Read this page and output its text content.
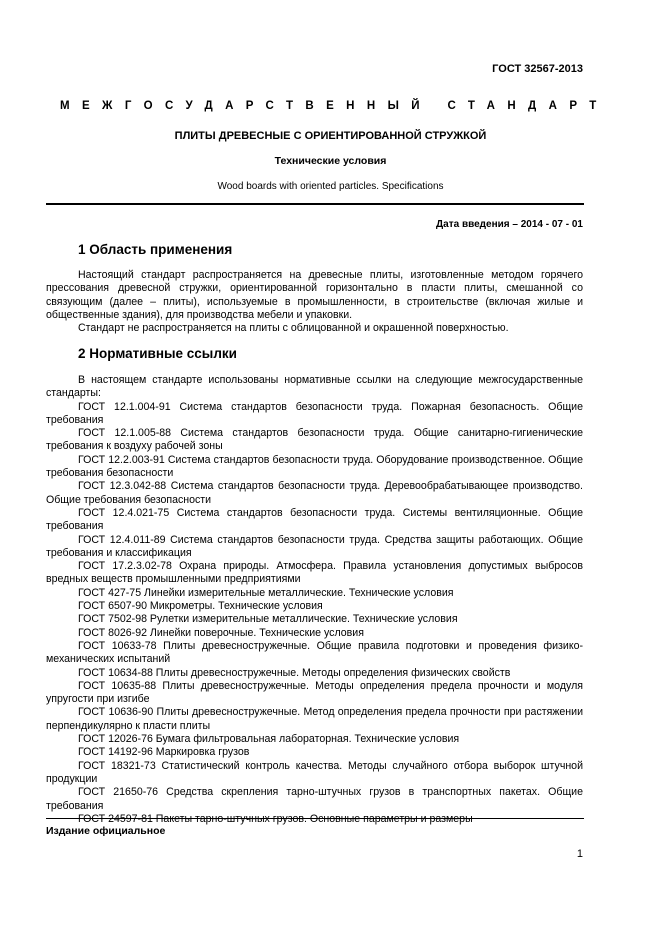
ГОСТ 32567-2013
МЕЖГОСУДАРСТВЕННЫЙ СТАНДАРТ
ПЛИТЫ ДРЕВЕСНЫЕ С ОРИЕНТИРОВАННОЙ СТРУЖКОЙ
Технические условия
Wood boards with oriented particles. Specifications
Дата введения – 2014 - 07 - 01
1 Область применения

Настоящий стандарт распространяется на древесные плиты, изготовленные методом горячего прессования древесной стружки, ориентированной горизонтально в пласти плиты, смешанной со связующим (далее – плиты), используемые в промышленности, в строительстве (включая жилые и общественные здания), для производства мебели и упаковки.

Стандарт не распространяется на плиты с облицованной и окрашенной поверхностью.

2 Нормативные ссылки

В настоящем стандарте использованы нормативные ссылки на следующие межгосударственные стандарты:

ГОСТ 12.1.004-91 Система стандартов безопасности труда. Пожарная безопасность. Общие требования

ГОСТ 12.1.005-88 Система стандартов безопасности труда. Общие санитарно-гигиенические требования к воздуху рабочей зоны

ГОСТ 12.2.003-91 Система стандартов безопасности труда. Оборудование производственное. Общие требования безопасности

ГОСТ 12.3.042-88 Система стандартов безопасности труда. Деревообрабатывающее производство. Общие требования безопасности

ГОСТ 12.4.021-75 Система стандартов безопасности труда. Системы вентиляционные. Общие требования

ГОСТ 12.4.011-89 Система стандартов безопасности труда. Средства защиты работающих. Общие требования и классификация

ГОСТ 17.2.3.02-78 Охрана природы. Атмосфера. Правила установления допустимых выбросов вредных веществ промышленными предприятиями

ГОСТ 427-75 Линейки измерительные металлические. Технические условия

ГОСТ 6507-90 Микрометры. Технические условия

ГОСТ 7502-98 Рулетки измерительные металлические. Технические условия

ГОСТ 8026-92 Линейки поверочные. Технические условия

ГОСТ 10633-78 Плиты древесностружечные. Общие правила подготовки и проведения физико-механических испытаний

ГОСТ 10634-88 Плиты древесностружечные. Методы определения физических свойств

ГОСТ 10635-88 Плиты древесностружечные. Методы определения предела прочности и модуля упругости при изгибе

ГОСТ 10636-90 Плиты древесностружечные. Метод определения предела прочности при растяжении перпендикулярно к пласти плиты

ГОСТ 12026-76 Бумага фильтровальная лабораторная. Технические условия

ГОСТ 14192-96 Маркировка грузов

ГОСТ 18321-73 Статистический контроль качества. Методы случайного отбора выборок штучной продукции

ГОСТ 21650-76 Средства скрепления тарно-штучных грузов в транспортных пакетах. Общие требования

Издание официальное
1
